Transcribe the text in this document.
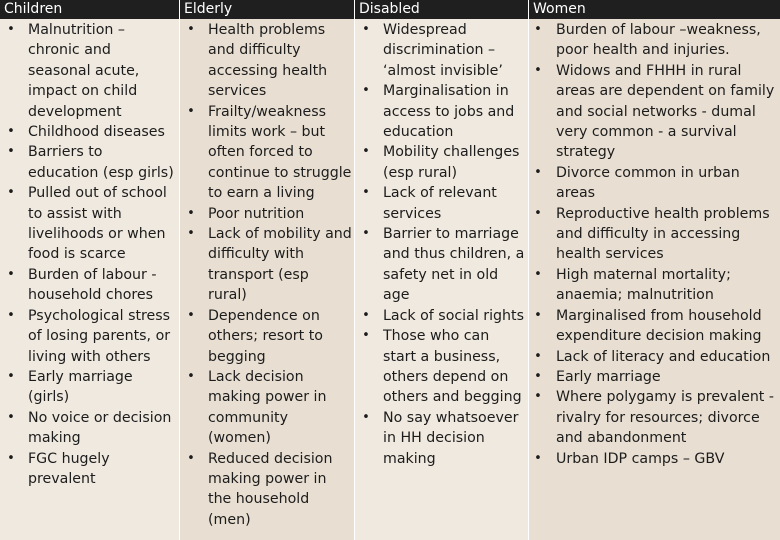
Children
• Malnutrition – chronic and seasonal acute, impact on child development
• Childhood diseases
• Barriers to education (esp girls)
• Pulled out of school to assist with livelihoods or when food is scarce
• Burden of labour - household chores
• Psychological stress of losing parents, or living with others
• Early marriage (girls)
• No voice or decision making
• FGC hugely prevalent
Elderly
• Health problems and difficulty accessing health services
• Frailty/weakness limits work – but often forced to continue to struggle to earn a living
• Poor nutrition
• Lack of mobility and difficulty with transport (esp rural)
• Dependence on others; resort to begging
• Lack decision making power in community (women)
• Reduced decision making power in the household (men)
Disabled
• Widespread discrimination – ‘almost invisible’
• Marginalisation in access to jobs and education
• Mobility challenges (esp rural)
• Lack of relevant services
• Barrier to marriage and thus children, a safety net in old age
• Lack of social rights
• Those who can start a business, others depend on others and begging
• No say whatsoever in HH decision making
Women
• Burden of labour –weakness, poor health and injuries.
• Widows and FHHH in rural areas are dependent on family and social networks - dumal very common - a survival strategy
• Divorce common in urban areas
• Reproductive health problems and difficulty in accessing health services
• High maternal mortality; anaemia; malnutrition
• Marginalised from household expenditure decision making
• Lack of literacy and education
• Early marriage
• Where polygamy is prevalent - rivalry for resources; divorce and abandonment
• Urban IDP camps – GBV
